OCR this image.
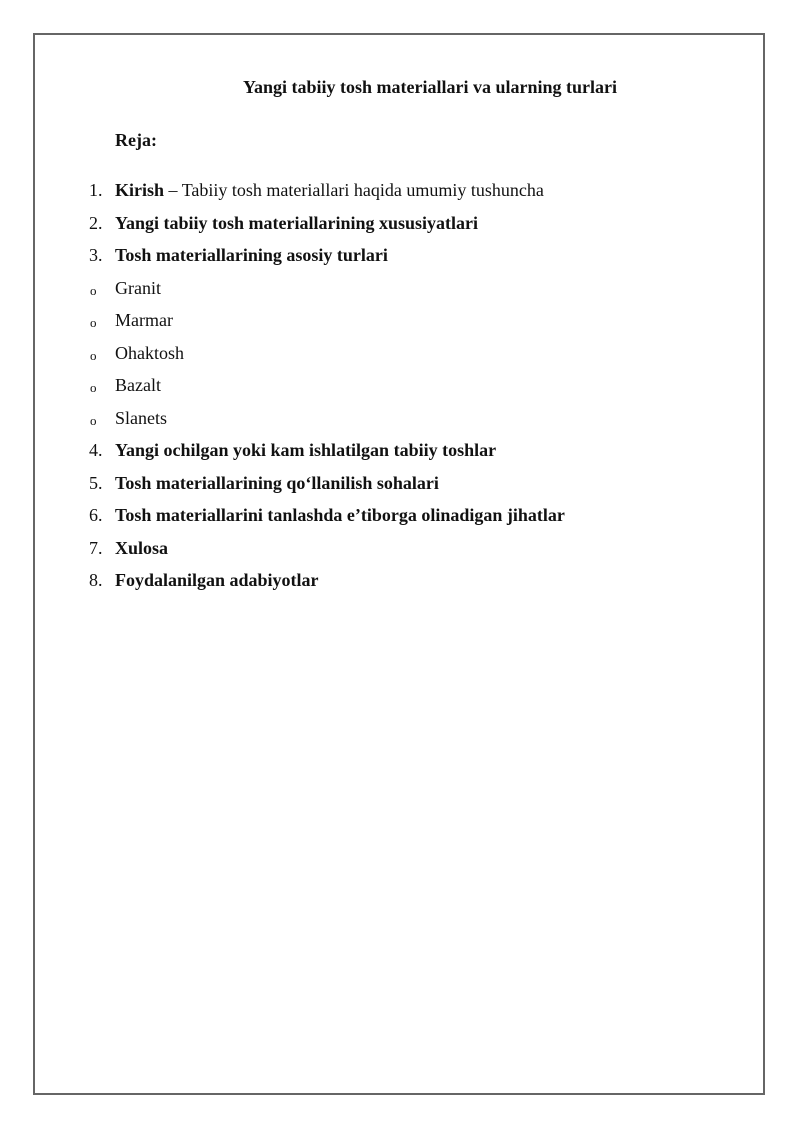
Yangi tabiiy tosh materiallari va ularning turlari
Reja:
1. Kirish – Tabiiy tosh materiallari haqida umumiy tushuncha
2. Yangi tabiiy tosh materiallarining xususiyatlari
3. Tosh materiallarining asosiy turlari
o	Granit
o	Marmar
o	Ohaktosh
o	Bazalt
o	Slanets
4. Yangi ochilgan yoki kam ishlatilgan tabiiy toshlar
5. Tosh materiallarining qo‘llanilish sohalari
6. Tosh materiallarini tanlashda e’tiborga olinadigan jihatlar
7. Xulosa
8. Foydalanilgan adabiyotlar
